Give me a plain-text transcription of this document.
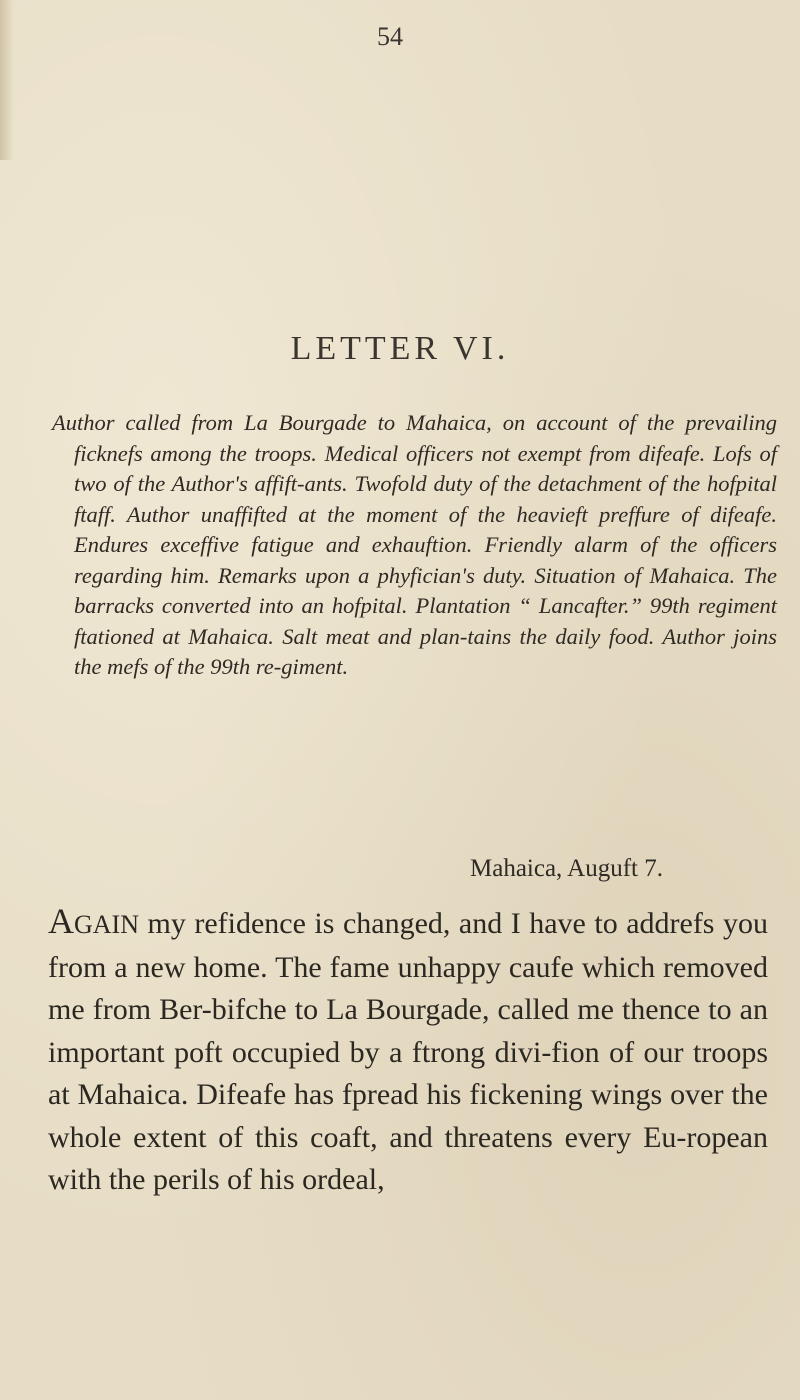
54
LETTER VI.
Author called from La Bourgade to Mahaica, on account of the prevailing ficknefs among the troops. Medical officers not exempt from difeafe. Lofs of two of the Author's affift-ants. Twofold duty of the detachment of the hofpital ftaff. Author unaffifted at the moment of the heavieft preffure of difeafe. Endures exceffive fatigue and exhauftion. Friendly alarm of the officers regarding him. Remarks upon a phyfician's duty. Situation of Mahaica. The barracks converted into an hofpital. Plantation “ Lancafter.” 99th regiment ftationed at Mahaica. Salt meat and plan-tains the daily food. Author joins the mefs of the 99th re-giment.
Mahaica, Auguft 7.
AGAIN my refidence is changed, and I have to addrefs you from a new home. The fame unhappy caufe which removed me from Ber-bifche to La Bourgade, called me thence to an important poft occupied by a ftrong divi-fion of our troops at Mahaica. Difeafe has fpread his fickening wings over the whole extent of this coaft, and threatens every Eu-ropean with the perils of his ordeal,
